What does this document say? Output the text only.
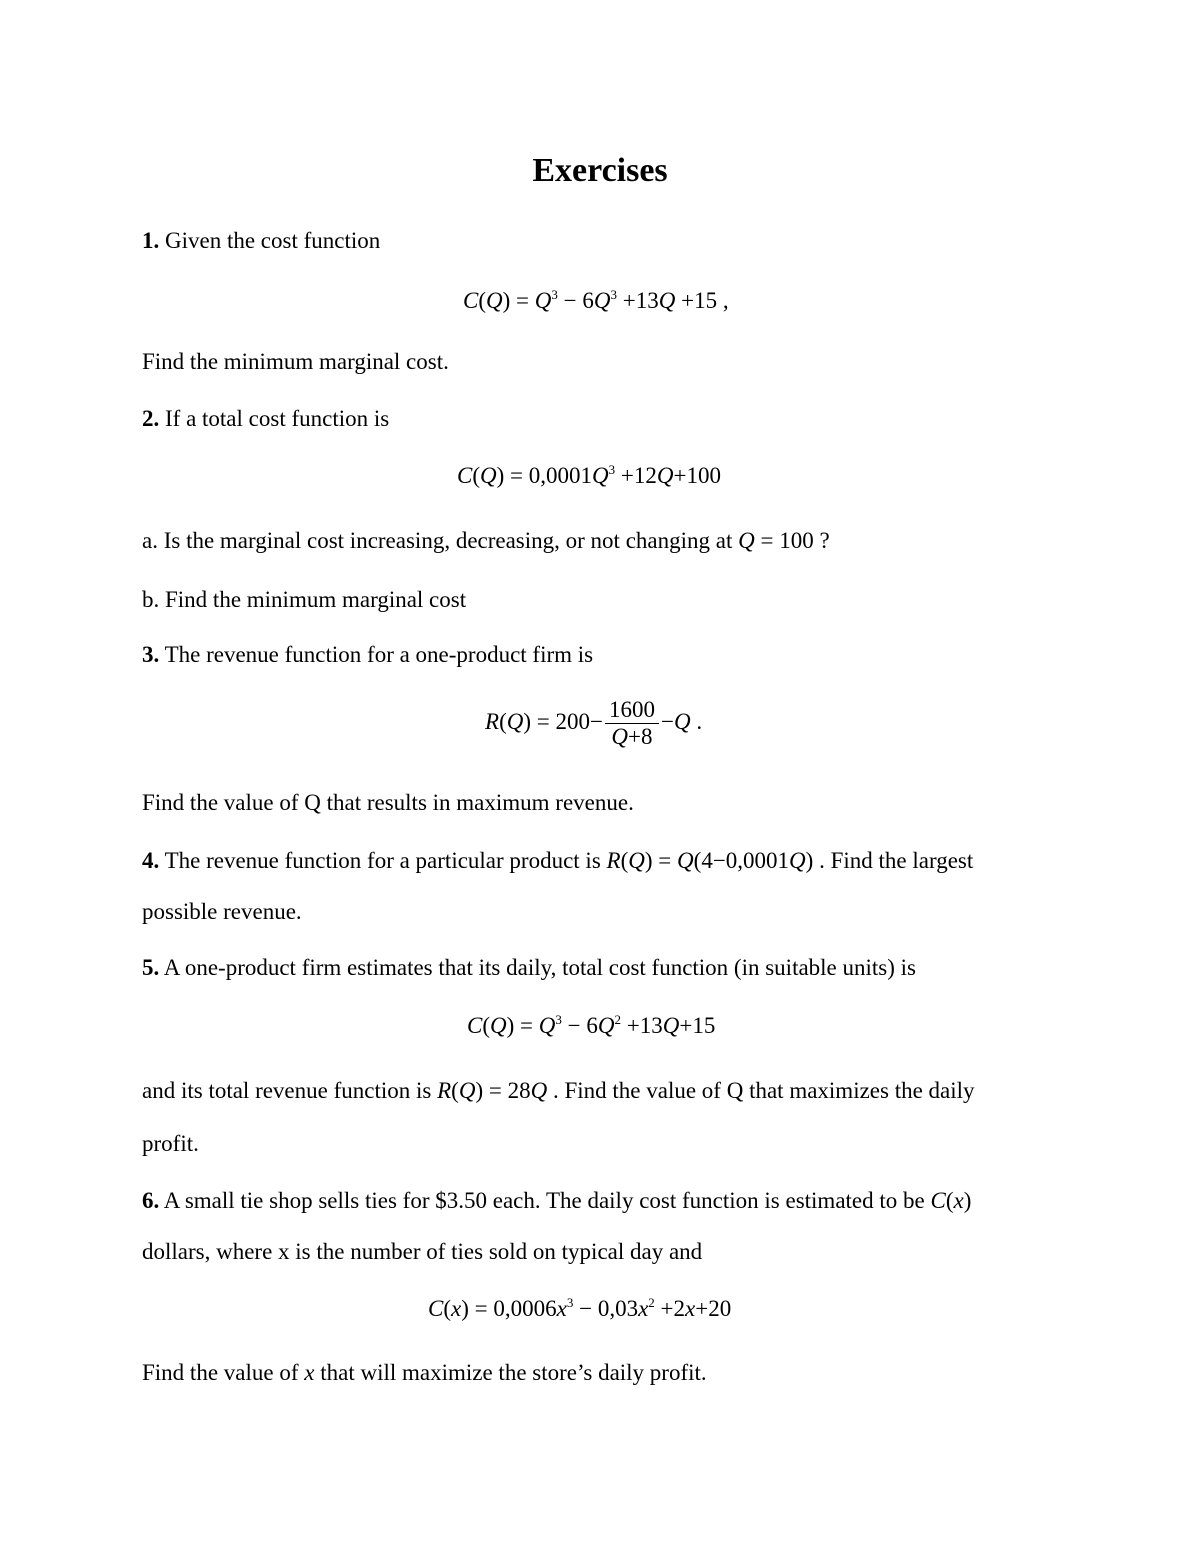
Exercises
1. Given the cost function
$C(Q) = Q^3 - 6Q^3 +13Q +15$ ,
Find the minimum marginal cost.
2. If a total cost function is
$C(Q) = 0,0001Q^3 +12Q+100$
a. Is the marginal cost increasing, decreasing, or not changing at Q = 100 ?
b. Find the minimum marginal cost
3. The revenue function for a one-product firm is
$R(Q) = 200- \frac{1600}{Q+8} -Q$ .
Find the value of Q that results in maximum revenue.
4. The revenue function for a particular product is R(Q) = Q(4−0,0001Q) . Find the largest
possible revenue.
5. A one-product firm estimates that its daily, total cost function (in suitable units) is
$C(Q) = Q^3 - 6Q^2 +13Q+15$
and its total revenue function is R(Q) = 28Q . Find the value of Q that maximizes the daily
profit.
6. A small tie shop sells ties for $3.50 each. The daily cost function is estimated to be C(x)
dollars, where x is the number of ties sold on typical day and
$C(x) = 0,0006x^3 - 0,03x^2 +2x+20$
Find the value of x that will maximize the store’s daily profit.
